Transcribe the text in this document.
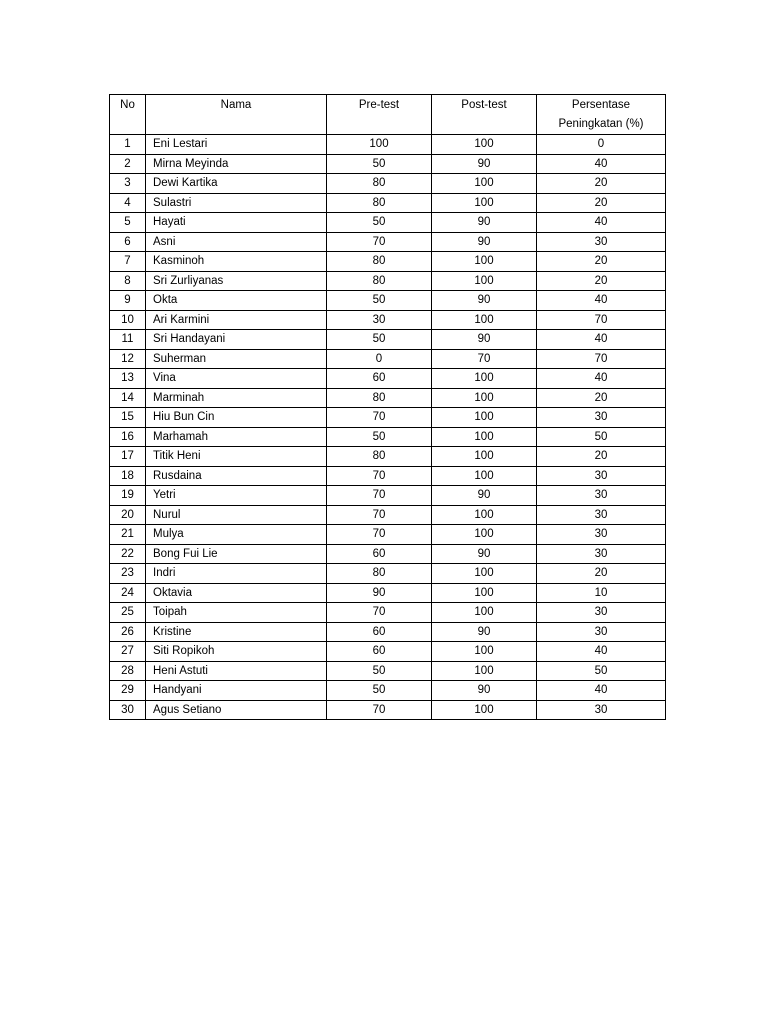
No	Nama	Pre-test	Post-test	Persentase
Peningkatan (%)
1	Eni Lestari	100	100	0
2	Mirna Meyinda	50	90	40
3	Dewi Kartika	80	100	20
4	Sulastri	80	100	20
5	Hayati	50	90	40
6	Asni	70	90	30
7	Kasminoh	80	100	20
8	Sri Zurliyanas	80	100	20
9	Okta	50	90	40
10	Ari Karmini	30	100	70
11	Sri Handayani	50	90	40
12	Suherman	0	70	70
13	Vina	60	100	40
14	Marminah	80	100	20
15	Hiu Bun Cin	70	100	30
16	Marhamah	50	100	50
17	Titik Heni	80	100	20
18	Rusdaina	70	100	30
19	Yetri	70	90	30
20	Nurul	70	100	30
21	Mulya	70	100	30
22	Bong Fui Lie	60	90	30
23	Indri	80	100	20
24	Oktavia	90	100	10
25	Toipah	70	100	30
26	Kristine	60	90	30
27	Siti Ropikoh	60	100	40
28	Heni Astuti	50	100	50
29	Handyani	50	90	40
30	Agus Setiano	70	100	30
